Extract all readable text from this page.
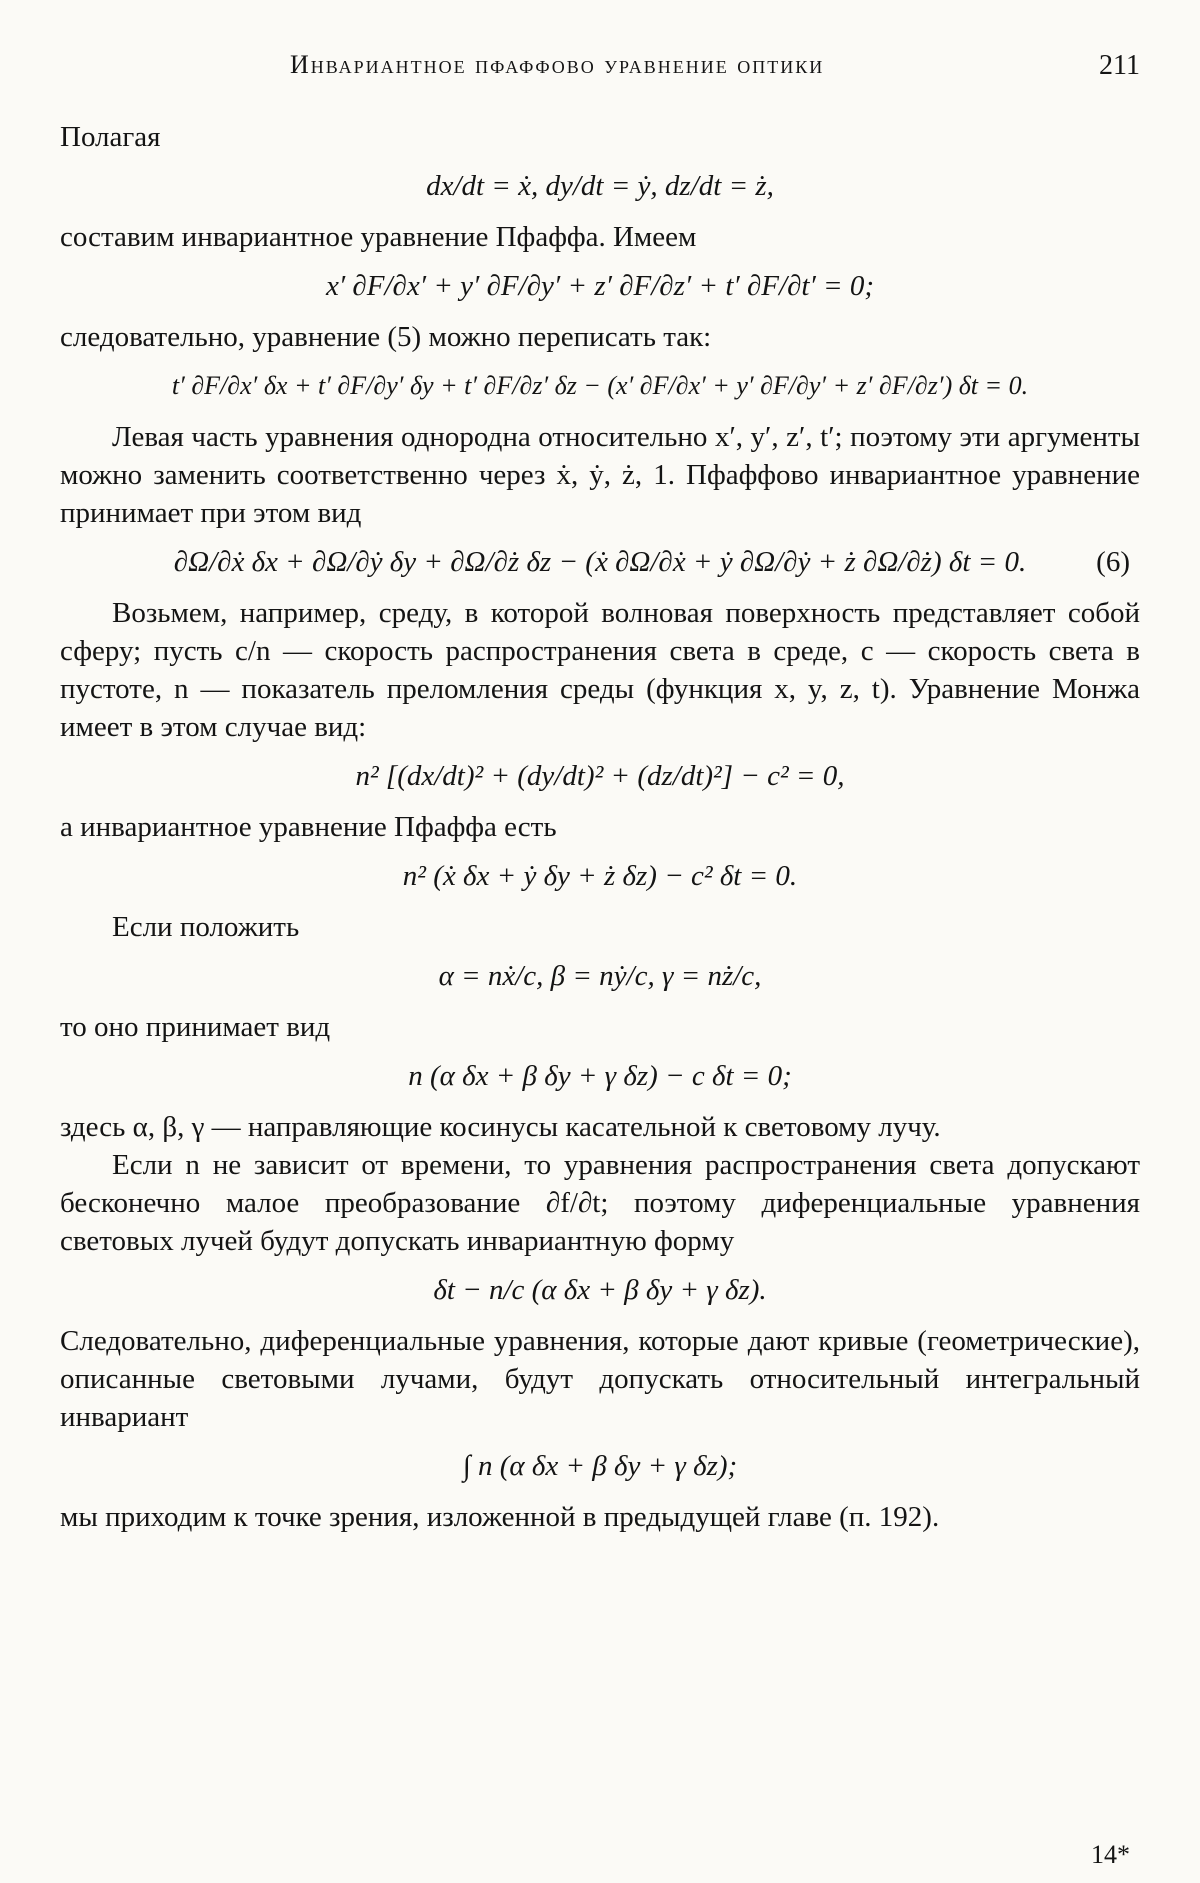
Инвариантное пфаффово уравнение оптики	211

Полагая

dx/dt = ẋ, dy/dt = ẏ, dz/dt = ż,

составим инвариантное уравнение Пфаффа. Имеем

x′ ∂F/∂x′ + y′ ∂F/∂y′ + z′ ∂F/∂z′ + t′ ∂F/∂t′ = 0;

следовательно, уравнение (5) можно переписать так:

t′ ∂F/∂x′ δx + t′ ∂F/∂y′ δy + t′ ∂F/∂z′ δz − (x′ ∂F/∂x′ + y′ ∂F/∂y′ + z′ ∂F/∂z′) δt = 0.

Левая часть уравнения однородна относительно x′, y′, z′, t′; поэтому эти аргументы можно заменить соответственно через ẋ, ẏ, ż, 1. Пфаффово инвариантное уравнение принимает при этом вид

∂Ω/∂ẋ δx + ∂Ω/∂ẏ δy + ∂Ω/∂ż δz − (ẋ ∂Ω/∂ẋ + ẏ ∂Ω/∂ẏ + ż ∂Ω/∂ż) δt = 0. (6)

Возьмем, например, среду, в которой волновая поверхность представляет собой сферу; пусть c/n — скорость распространения света в среде, c — скорость света в пустоте, n — показатель преломления среды (функция x, y, z, t). Уравнение Монжа имеет в этом случае вид:

n² [(dx/dt)² + (dy/dt)² + (dz/dt)²] − c² = 0,

а инвариантное уравнение Пфаффа есть

n² (ẋ δx + ẏ δy + ż δz) − c² δt = 0.

Если положить

α = nẋ/c, β = nẏ/c, γ = nż/c,

то оно принимает вид

n (α δx + β δy + γ δz) − c δt = 0;

здесь α, β, γ — направляющие косинусы касательной к световому лучу.

Если n не зависит от времени, то уравнения распространения света допускают бесконечно малое преобразование ∂f/∂t; поэтому диференциальные уравнения световых лучей будут допускать инвариантную форму

δt − n/c (α δx + β δy + γ δz).

Следовательно, диференциальные уравнения, которые дают кривые (геометрические), описанные световыми лучами, будут допускать относительный интегральный инвариант

∫ n (α δx + β δy + γ δz);

мы приходим к точке зрения, изложенной в предыдущей главе (п. 192).

14*
